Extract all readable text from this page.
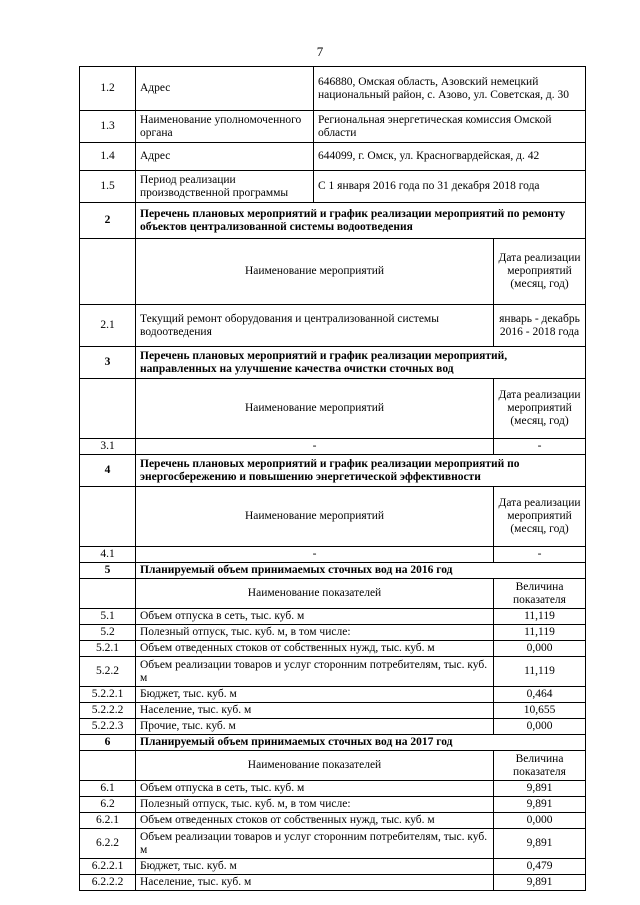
7
1.2	Адрес	646880, Омская область, Азовский немецкий национальный район, с. Азово, ул. Советская, д. 30	
1.3	Наименование уполномоченного органа	Региональная энергетическая комиссия Омской области	
1.4	Адрес	644099, г. Омск, ул. Красногвардейская, д. 42	
1.5	Период реализации производственной программы	С 1 января 2016 года по 31 декабря 2018 года	
2	Перечень плановых мероприятий и график реализации мероприятий по ремонту объектов централизованной системы водоотведения		
	Наименование мероприятий		Дата реализации мероприятий (месяц, год)
2.1	Текущий ремонт оборудования и централизованной системы водоотведения		январь - декабрь 2016 - 2018 года
3	Перечень плановых мероприятий и график реализации мероприятий, направленных на улучшение качества очистки сточных вод		
	Наименование мероприятий		Дата реализации мероприятий (месяц, год)
3.1	-		-
4	Перечень плановых мероприятий и график реализации мероприятий по энергосбережению и повышению энергетической эффективности		
	Наименование мероприятий		Дата реализации мероприятий (месяц, год)
4.1	-		-
5	Планируемый объем принимаемых сточных вод на 2016 год		
	Наименование показателей		Величина показателя
5.1	Объем отпуска в сеть, тыс. куб. м		11,119
5.2	Полезный отпуск, тыс. куб. м, в том числе:		11,119
5.2.1	Объем отведенных стоков от собственных нужд, тыс. куб. м		0,000
5.2.2	Объем реализации товаров и услуг сторонним потребителям, тыс. куб. м		11,119
5.2.2.1	Бюджет, тыс. куб. м		0,464
5.2.2.2	Население, тыс. куб. м		10,655
5.2.2.3	Прочие, тыс. куб. м		0,000
6	Планируемый объем принимаемых сточных вод на 2017 год		
	Наименование показателей		Величина показателя
6.1	Объем отпуска в сеть, тыс. куб. м		9,891
6.2	Полезный отпуск, тыс. куб. м, в том числе:		9,891
6.2.1	Объем отведенных стоков от собственных нужд, тыс. куб. м		0,000
6.2.2	Объем реализации товаров и услуг сторонним потребителям, тыс. куб. м		9,891
6.2.2.1	Бюджет, тыс. куб. м		0,479
6.2.2.2	Население, тыс. куб. м		9,891
